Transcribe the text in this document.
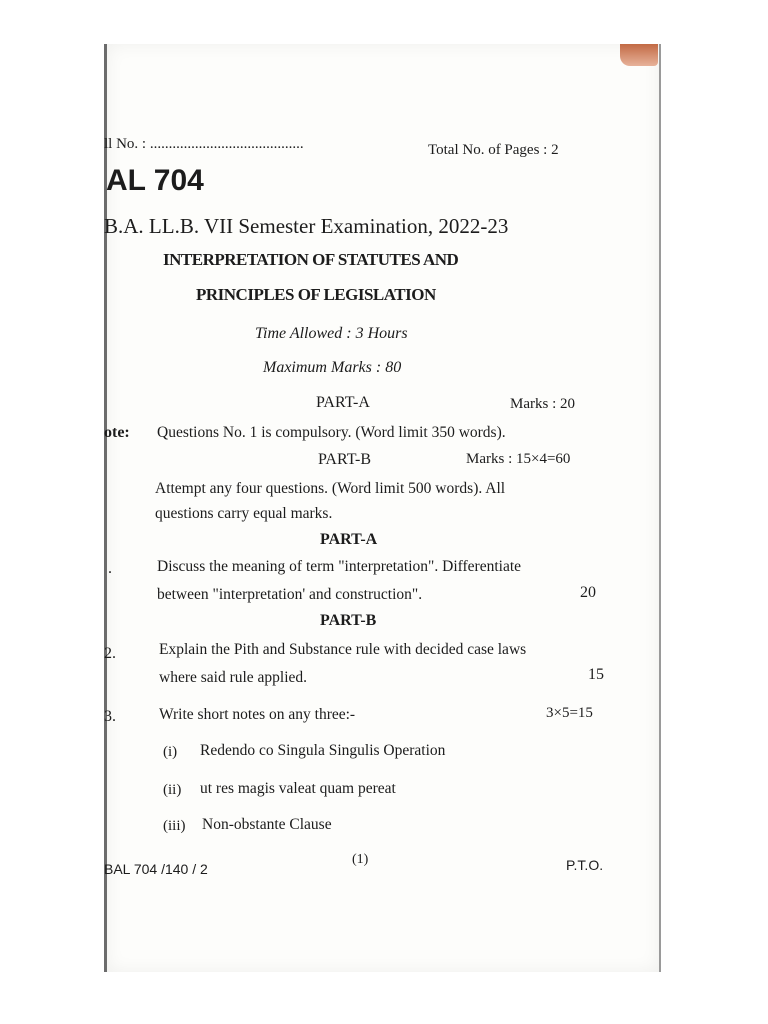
ll No. : .........................................	Total No. of Pages : 2
AL 704
B.A. LL.B. VII Semester Examination, 2022-23
INTERPRETATION OF STATUTES AND
PRINCIPLES OF LEGISLATION
Time Allowed : 3 Hours
Maximum Marks : 80
PART-A	Marks : 20
ote: Questions No. 1 is compulsory. (Word limit 350 words).
PART-B	Marks : 15×4=60
Attempt any four questions. (Word limit 500 words). All
questions carry equal marks.
PART-A
.	Discuss the meaning of term "interpretation". Differentiate
between "interpretation' and construction".	20
PART-B
2.	Explain the Pith and Substance rule with decided case laws
where said rule applied.	15
3.	Write short notes on any three:-	3×5=15
(i) Redendo co Singula Singulis Operation
(ii) ut res magis valeat quam pereat
(iii) Non-obstante Clause
BAL 704 /140 / 2
(1)	P.T.O.
